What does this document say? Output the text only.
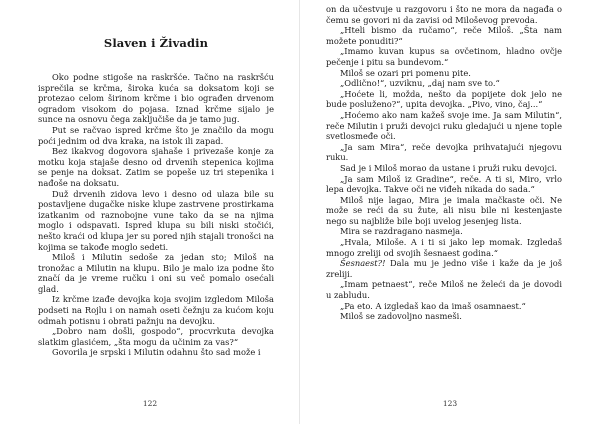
Slaven i Živadin

Oko podne stigoše na raskršće. Tačno na raskršću isprečila se krčma, široka kuća sa doksatom koji se protezao celom širinom krčme i bio ograđen drvenom ogradom visokom do pojasa. Iznad krčme sijalo je sunce na osnovu čega zaključiše da je tamo jug.

Put se račvao ispred krčme što je značilo da mogu poći jednim od dva kraka, na istok ili zapad.

Bez ikakvog dogovora sjahaše i privezaše konje za motku koja stajaše desno od drvenih stepenica kojima se penje na doksat. Zatim se popeše uz tri stepenika i nađoše na doksatu.

Duž drvenih zidova levo i desno od ulaza bile su postavljene dugačke niske klupe zastrvene prostirkama izatkanim od raznobojne vune tako da se na njima moglo i odspavati. Ispred klupa su bili niski stočići, nešto kraći od klupa jer su pored njih stajali tronošci na kojima se takođe moglo sedeti.

Miloš i Milutin sedoše za jedan sto; Miloš na tronožac a Milutin na klupu. Bilo je malo iza podne što značí da je vreme ručku i oni su več pomalo osećali glad.

Iz krčme izađe devojka koja svojim izgledom Miloša podseti na Rojlu i on namah oseti čežnju za kućom koju odmah potisnu i obrati pažnju na devojku.

„Dobro nam došli, gospodo“, procvrkuta devojka slatkim glasićem, „šta mogu da učinim za vas?“

Govorila je srpski i Milutin odahnu što sad može i

122

on da učestvuje u razgovoru i što ne mora da nagađa o čemu se govori ni da zavisi od Miloševog prevoda.

„Hteli bismo da ručamo“, reče Miloš. „Šta nam možete ponuditi?“

„Imamo kuvan kupus sa ovčetinom, hladno ovčje pečenje i pitu sa bundevom.“

Miloš se ozari pri pomenu pite.

„Odlično!“, uzviknu, „daj nam sve to.“

„Hoćete li, možda, nešto da popijete dok jelo ne bude posluženo?“, upita devojka. „Pivo, vino, čaj...“

„Hoćemo ako nam kažeš svoje ime. Ja sam Milutin“, reče Milutin i pruži devojci ruku gledajući u njene tople svetlosmeđe oči.

„Ja sam Mira“, reče devojka prihvatajući njegovu ruku.

Sad je i Miloš morao da ustane i pruži ruku devojci.

„Ja sam Miloš iz Gradine“, reče. A ti si, Miro, vrlo lepa devojka. Takve oči ne viđeh nikada do sada.“

Miloš nije lagao, Mira je imala mačkaste oči. Ne može se reći da su žute, ali nisu bile ni kestenjaste nego su najbliže bile boji uvelog jesenjeg lista.

Mira se razdragano nasmeja.

„Hvala, Miloše. A i ti si jako lep momak. Izgledaš mnogo zreliji od svojih šesnaest godina.“

Šesnaest?! Dala mu je jedno više i kaže da je još zreliji.

„Imam petnaest“, reče Miloš ne želeći da je dovodi u zabludu.

„Pa eto. A izgledaš kao da imaš osamnaest.“

Miloš se zadovoljno nasmeši.

123
